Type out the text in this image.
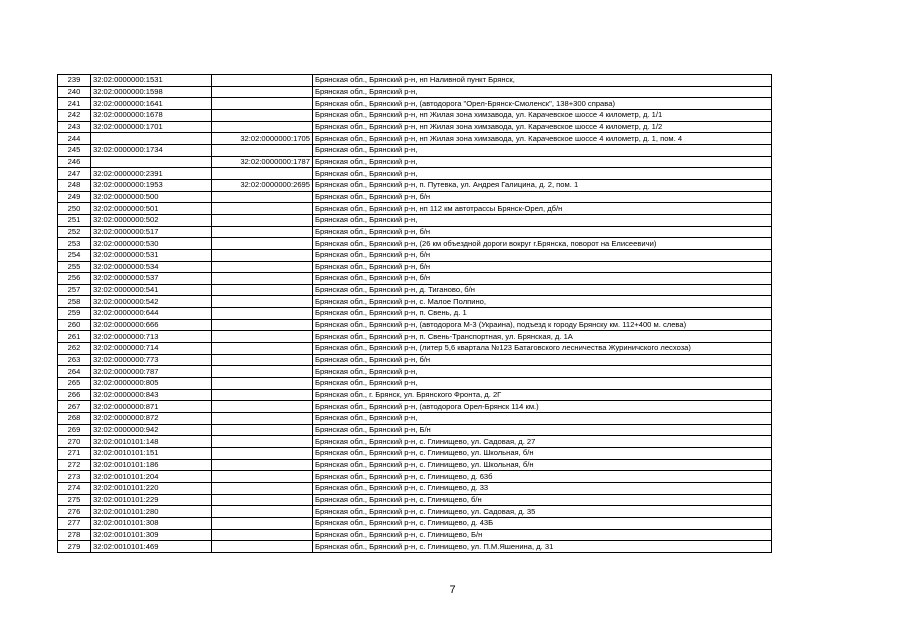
239	32:02:0000000:1531		Брянская обл., Брянский р-н, нп Наливной пункт Брянск,
240	32:02:0000000:1598		Брянская обл., Брянский р-н,
241	32:02:0000000:1641		Брянская обл., Брянский р-н, (автодорога "Орел-Брянск-Смоленск", 138+300 справа)
242	32:02:0000000:1678		Брянская обл., Брянский р-н, нп Жилая зона химзавода, ул. Карачевское шоссе 4 километр, д. 1/1
243	32:02:0000000:1701		Брянская обл., Брянский р-н, нп Жилая зона химзавода, ул. Карачевское шоссе 4 километр, д. 1/2
244		32:02:0000000:1705	Брянская обл., Брянский р-н, нп Жилая зона химзавода, ул. Карачевское шоссе 4 километр, д. 1, пом. 4
245	32:02:0000000:1734		Брянская обл., Брянский р-н,
246		32:02:0000000:1787	Брянская обл., Брянский р-н,
247	32:02:0000000:2391		Брянская обл., Брянский р-н,
248	32:02:0000000:1953	32:02:0000000:2695	Брянская обл., Брянский р-н, п. Путевка, ул. Андрея Галицина, д. 2, пом. 1
249	32:02:0000000:500		Брянская обл., Брянский р-н, б/н
250	32:02:0000000:501		Брянская обл., Брянский р-н, нп 112 км автотрассы Брянск-Орел, дб/н
251	32:02:0000000:502		Брянская обл., Брянский р-н,
252	32:02:0000000:517		Брянская обл., Брянский р-н, б/н
253	32:02:0000000:530		Брянская обл., Брянский р-н, (26 км объездной дороги вокруг г.Брянска, поворот на Елисеевичи)
254	32:02:0000000:531		Брянская обл., Брянский р-н, б/н
255	32:02:0000000:534		Брянская обл., Брянский р-н, б/н
256	32:02:0000000:537		Брянская обл., Брянский р-н, б/н
257	32:02:0000000:541		Брянская обл., Брянский р-н, д. Тиганово, б/н
258	32:02:0000000:542		Брянская обл., Брянский р-н, с. Малое Полпино,
259	32:02:0000000:644		Брянская обл., Брянский р-н, п. Свень, д. 1
260	32:02:0000000:666		Брянская обл., Брянский р-н, (автодорога М-3 (Украина), подъезд к городу Брянску км. 112+400 м. слева)
261	32:02:0000000:713		Брянская обл., Брянский р-н, п. Свень-Транспортная, ул. Брянская, д. 1А
262	32:02:0000000:714		Брянская обл., Брянский р-н, (литер 5,6 квартала №123 Батаговского лесничества Журиничского лесхоза)
263	32:02:0000000:773		Брянская обл., Брянский р-н, б/н
264	32:02:0000000:787		Брянская обл., Брянский р-н,
265	32:02:0000000:805		Брянская обл., Брянский р-н,
266	32:02:0000000:843		Брянская обл., г. Брянск, ул. Брянского Фронта, д. 2Г
267	32:02:0000000:871		Брянская обл., Брянский р-н, (автодорога Орел-Брянск 114 км.)
268	32:02:0000000:872		Брянская обл., Брянский р-н,
269	32:02:0000000:942		Брянская обл., Брянский р-н, Б/н
270	32:02:0010101:148		Брянская обл., Брянский р-н, с. Глинищево, ул. Садовая, д. 27
271	32:02:0010101:151		Брянская обл., Брянский р-н, с. Глинищево, ул. Школьная, б/н
272	32:02:0010101:186		Брянская обл., Брянский р-н, с. Глинищево, ул. Школьная, б/н
273	32:02:0010101:204		Брянская обл., Брянский р-н, с. Глинищево, д. 63б
274	32:02:0010101:220		Брянская обл., Брянский р-н, с. Глинищево, д. 33
275	32:02:0010101:229		Брянская обл., Брянский р-н, с. Глинищево, б/н
276	32:02:0010101:280		Брянская обл., Брянский р-н, с. Глинищево, ул. Садовая, д. 35
277	32:02:0010101:308		Брянская обл., Брянский р-н, с. Глинищево, д. 43Б
278	32:02:0010101:309		Брянская обл., Брянский р-н, с. Глинищево, Б/н
279	32:02:0010101:469		Брянская обл., Брянский р-н, с. Глинищево, ул. П.М.Яшенина, д. 31
7
